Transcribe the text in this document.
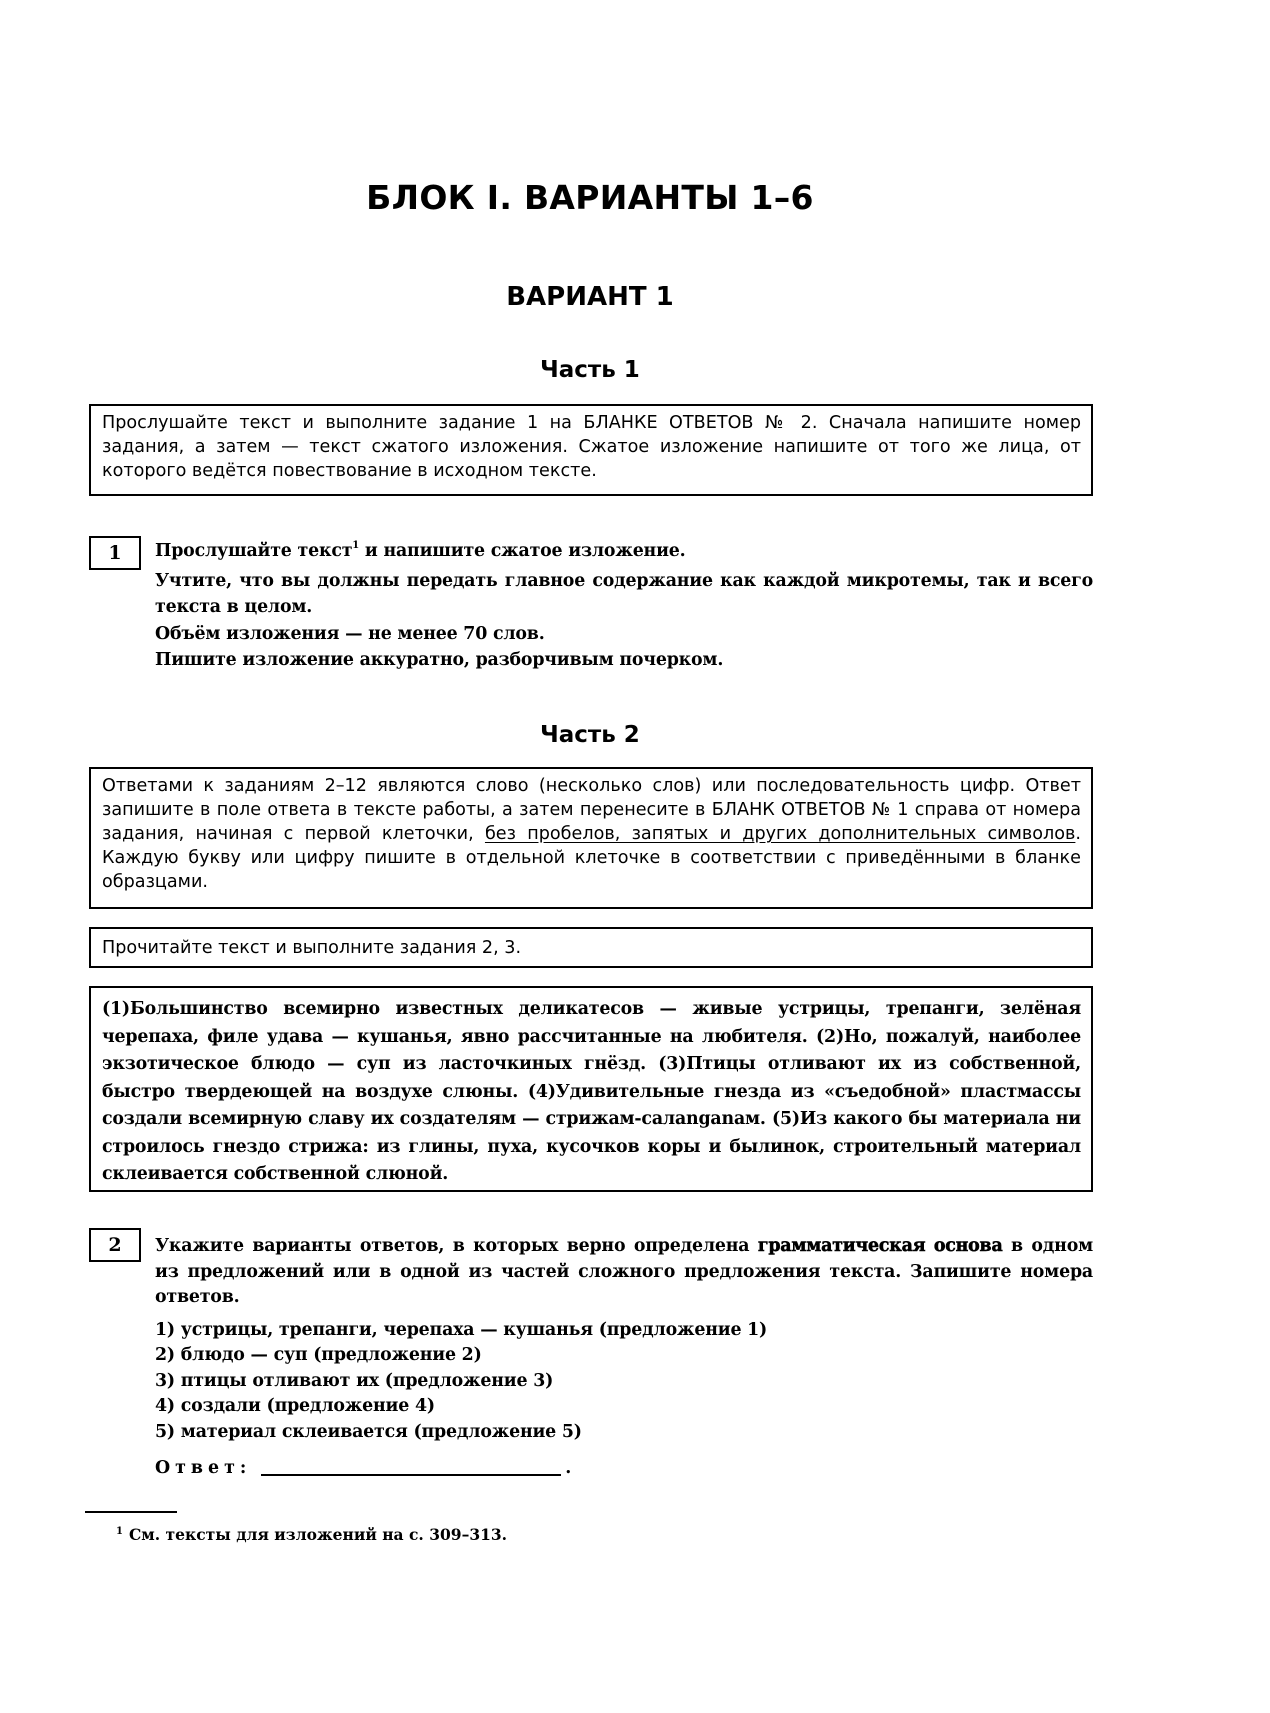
БЛОК I. ВАРИАНТЫ 1–6
ВАРИАНТ 1
Часть 1
Прослушайте текст и выполните задание 1 на БЛАНКЕ ОТВЕТОВ № 2. Сначала напишите номер задания, а затем — текст сжатого изложения. Сжатое изложение напишите от того же лица, от которого ведётся повествование в исходном тексте.
1	Прослушайте текст$^1$ и напишите сжатое изложение.

Учтите, что вы должны передать главное содержание как каждой микротемы, так и всего текста в целом.

Объём изложения — не менее 70 слов.

Пишите изложение аккуратно, разборчивым почерком.

Часть 2
Ответами к заданиям 2–12 являются слово (несколько слов) или последовательность цифр. Ответ запишите в поле ответа в тексте работы, а затем перенесите в БЛАНК ОТВЕТОВ № 1 справа от номера задания, начиная с первой клеточки, без пробелов, запятых и других дополнительных символов. Каждую букву или цифру пишите в отдельной клеточке в соответствии с приведёнными в бланке образцами.
Прочитайте текст и выполните задания 2, 3.
(1)Большинство всемирно известных деликатесов — живые устрицы, трепанги, зелёная черепаха, филе удава — кушанья, явно рассчитанные на любителя. (2)Но, пожалуй, наиболее экзотическое блюдо — суп из ласточкиных гнёзд. (3)Птицы отливают их из собственной, быстро твердеющей на воздухе слюны. (4)Удивительные гнезда из «съедобной» пластмассы создали всемирную славу их создателям — стрижам-салanganам. (5)Из какого бы материала ни строилось гнездо стрижа: из глины, пуха, кусочков коры и былинок, строительный материал склеивается собственной слюной.
2	Укажите варианты ответов, в которых верно определена грамматическая основа в одном из предложений или в одной из частей сложного предложения текста. Запишите номера ответов.

1) устрицы, трепанги, черепаха — кушанья (предложение 1)

2) блюдо — суп (предложение 2)

3) птицы отливают их (предложение 3)

4) создали (предложение 4)

5) материал склеивается (предложение 5)

Ответ:	.
$^1$ См. тексты для изложений на с. 309–313.
